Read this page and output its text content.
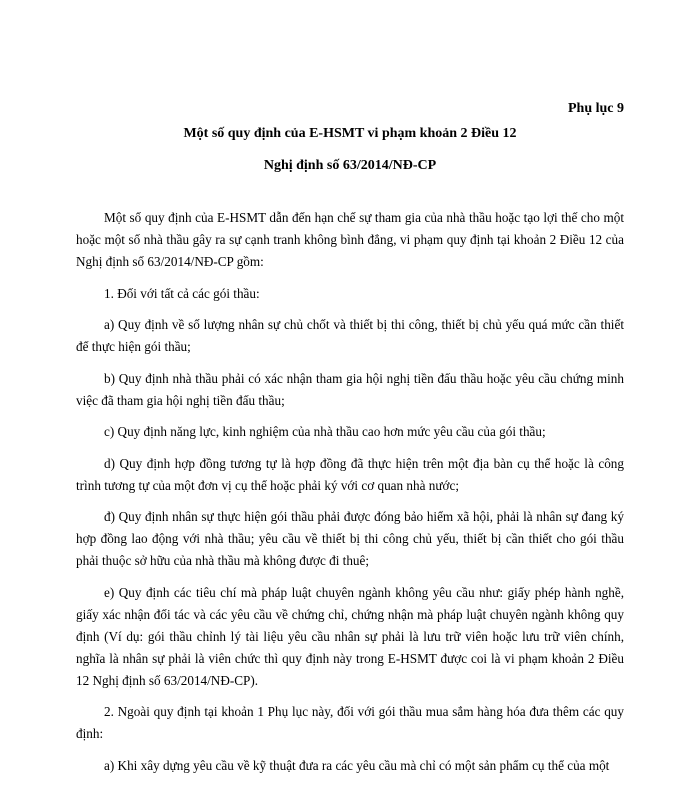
Phụ lục 9
Một số quy định của E-HSMT vi phạm khoản 2 Điều 12
Nghị định số 63/2014/NĐ-CP

Một số quy định của E-HSMT dẫn đến hạn chế sự tham gia của nhà thầu hoặc tạo lợi thế cho một hoặc một số nhà thầu gây ra sự cạnh tranh không bình đẳng, vi phạm quy định tại khoản 2 Điều 12 của Nghị định số 63/2014/NĐ-CP gồm:

1. Đối với tất cả các gói thầu:

a) Quy định về số lượng nhân sự chủ chốt và thiết bị thi công, thiết bị chủ yếu quá mức cần thiết để thực hiện gói thầu;

b) Quy định nhà thầu phải có xác nhận tham gia hội nghị tiền đấu thầu hoặc yêu cầu chứng minh việc đã tham gia hội nghị tiền đấu thầu;

c) Quy định năng lực, kinh nghiệm của nhà thầu cao hơn mức yêu cầu của gói thầu;

d) Quy định hợp đồng tương tự là hợp đồng đã thực hiện trên một địa bàn cụ thể hoặc là công trình tương tự của một đơn vị cụ thể hoặc phải ký với cơ quan nhà nước;

đ) Quy định nhân sự thực hiện gói thầu phải được đóng bảo hiểm xã hội, phải là nhân sự đang ký hợp đồng lao động với nhà thầu; yêu cầu về thiết bị thi công chủ yếu, thiết bị cần thiết cho gói thầu phải thuộc sở hữu của nhà thầu mà không được đi thuê;

e) Quy định các tiêu chí mà pháp luật chuyên ngành không yêu cầu như: giấy phép hành nghề, giấy xác nhận đối tác và các yêu cầu về chứng chỉ, chứng nhận mà pháp luật chuyên ngành không quy định (Ví dụ: gói thầu chỉnh lý tài liệu yêu cầu nhân sự phải là lưu trữ viên hoặc lưu trữ viên chính, nghĩa là nhân sự phải là viên chức thì quy định này trong E-HSMT được coi là vi phạm khoản 2 Điều 12 Nghị định số 63/2014/NĐ-CP).

2. Ngoài quy định tại khoản 1 Phụ lục này, đối với gói thầu mua sắm hàng hóa đưa thêm các quy định:

a) Khi xây dựng yêu cầu về kỹ thuật đưa ra các yêu cầu mà chỉ có một sản phẩm cụ thể của một
